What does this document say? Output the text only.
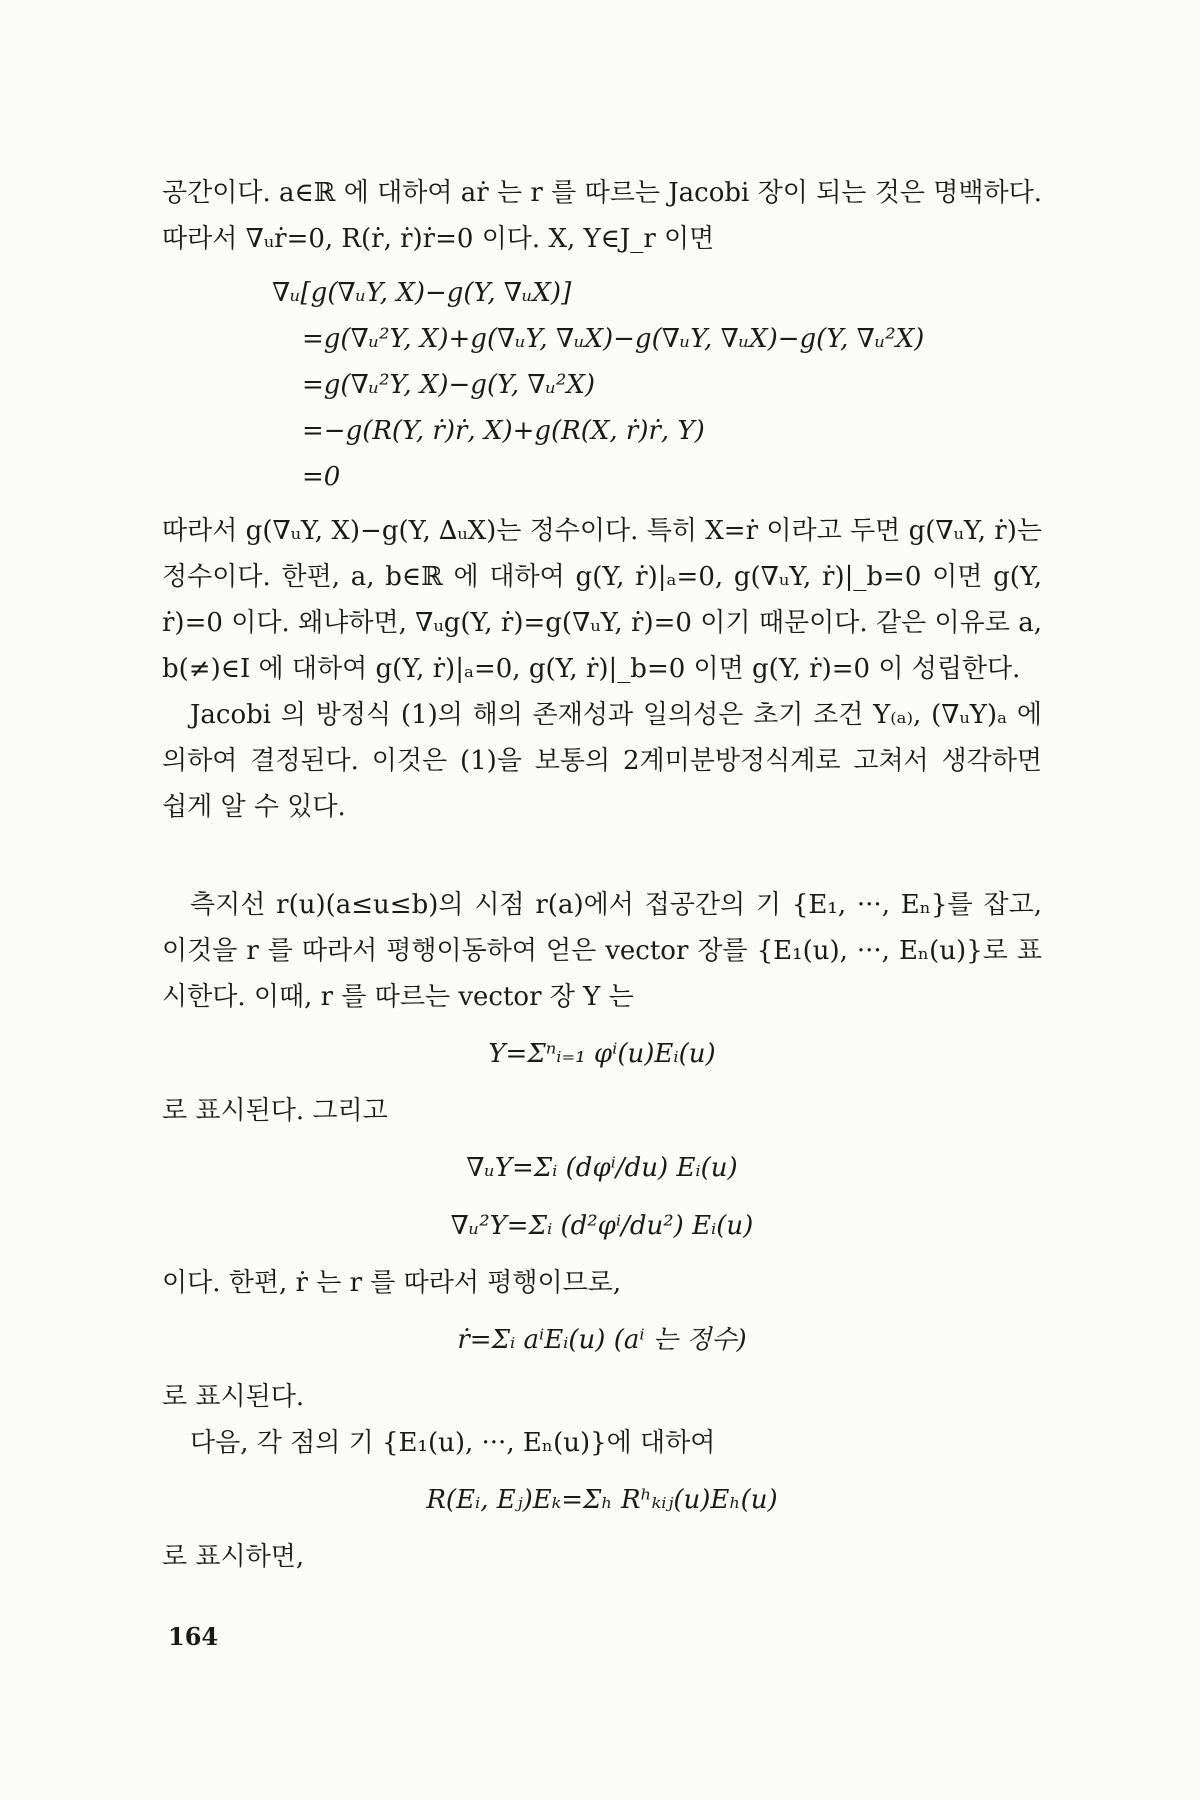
공간이다. a∈ℝ 에 대하여 aṙ 는 r 를 따르는 Jacobi 장이 되는 것은 명백하다. 따라서 ∇ᵤṙ=0, R(ṙ, ṙ)ṙ=0 이다. X, Y∈J_r 이면

∇ᵤ[g(∇ᵤY, X)−g(Y, ∇ᵤX)]
=g(∇ᵤ²Y, X)+g(∇ᵤY, ∇ᵤX)−g(∇ᵤY, ∇ᵤX)−g(Y, ∇ᵤ²X)
=g(∇ᵤ²Y, X)−g(Y, ∇ᵤ²X)
=−g(R(Y, ṙ)ṙ, X)+g(R(X, ṙ)ṙ, Y)
=0

따라서 g(∇ᵤY, X)−g(Y, ∆ᵤX)는 정수이다. 특히 X=ṙ 이라고 두면 g(∇ᵤY, ṙ)는 정수이다. 한편, a, b∈ℝ 에 대하여 g(Y, ṙ)|ₐ=0, g(∇ᵤY, ṙ)|_b=0 이면 g(Y, ṙ)=0 이다. 왜냐하면, ∇ᵤg(Y, ṙ)=g(∇ᵤY, ṙ)=0 이기 때문이다. 같은 이유로 a, b(≠)∈I 에 대하여 g(Y, ṙ)|ₐ=0, g(Y, ṙ)|_b=0 이면 g(Y, ṙ)=0 이 성립한다.

Jacobi 의 방정식 (1)의 해의 존재성과 일의성은 초기 조건 Y₍ₐ₎, (∇ᵤY)ₐ 에 의하여 결정된다. 이것은 (1)을 보통의 2계미분방정식계로 고쳐서 생각하면 쉽게 알 수 있다.

측지선 r(u)(a≤u≤b)의 시점 r(a)에서 접공간의 기 {E₁, ···, Eₙ}를 잡고, 이것을 r 를 따라서 평행이동하여 얻은 vector 장를 {E₁(u), ···, Eₙ(u)}로 표시한다. 이때, r 를 따르는 vector 장 Y 는

Y=Σⁿᵢ₌₁ φⁱ(u)Eᵢ(u)

로 표시된다. 그리고

∇ᵤY=Σᵢ (dφⁱ/du) Eᵢ(u)
∇ᵤ²Y=Σᵢ (d²φⁱ/du²) Eᵢ(u)

이다. 한편, ṙ 는 r 를 따라서 평행이므로,

ṙ=Σᵢ aⁱEᵢ(u) (aⁱ 는 정수)

로 표시된다.

다음, 각 점의 기 {E₁(u), ···, Eₙ(u)}에 대하여

R(Eᵢ, Eⱼ)Eₖ=Σₕ Rʰₖᵢⱼ(u)Eₕ(u)

로 표시하면,

164
